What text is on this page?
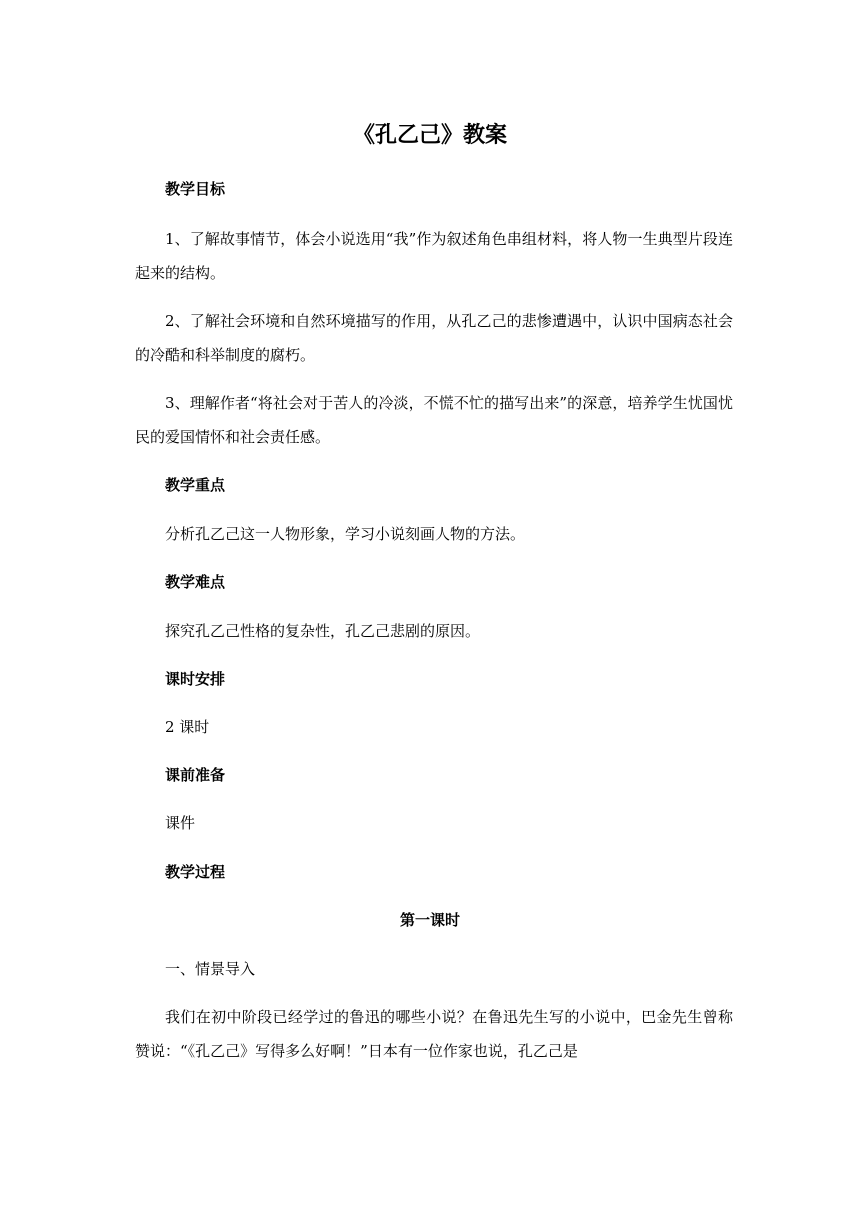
《孔乙己》教案

教学目标

1、了解故事情节，体会小说选用“我”作为叙述角色串组材料，将人物一生典型片段连起来的结构。

2、了解社会环境和自然环境描写的作用，从孔乙己的悲惨遭遇中，认识中国病态社会的冷酷和科举制度的腐朽。

3、理解作者“将社会对于苦人的冷淡，不慌不忙的描写出来”的深意，培养学生忧国忧民的爱国情怀和社会责任感。

教学重点

分析孔乙己这一人物形象，学习小说刻画人物的方法。

教学难点

探究孔乙己性格的复杂性，孔乙己悲剧的原因。

课时安排

2 课时

课前准备

课件

教学过程

第一课时

一、情景导入

我们在初中阶段已经学过的鲁迅的哪些小说？在鲁迅先生写的小说中，巴金先生曾称赞说：“《孔乙己》写得多么好啊！”日本有一位作家也说，孔乙己是
